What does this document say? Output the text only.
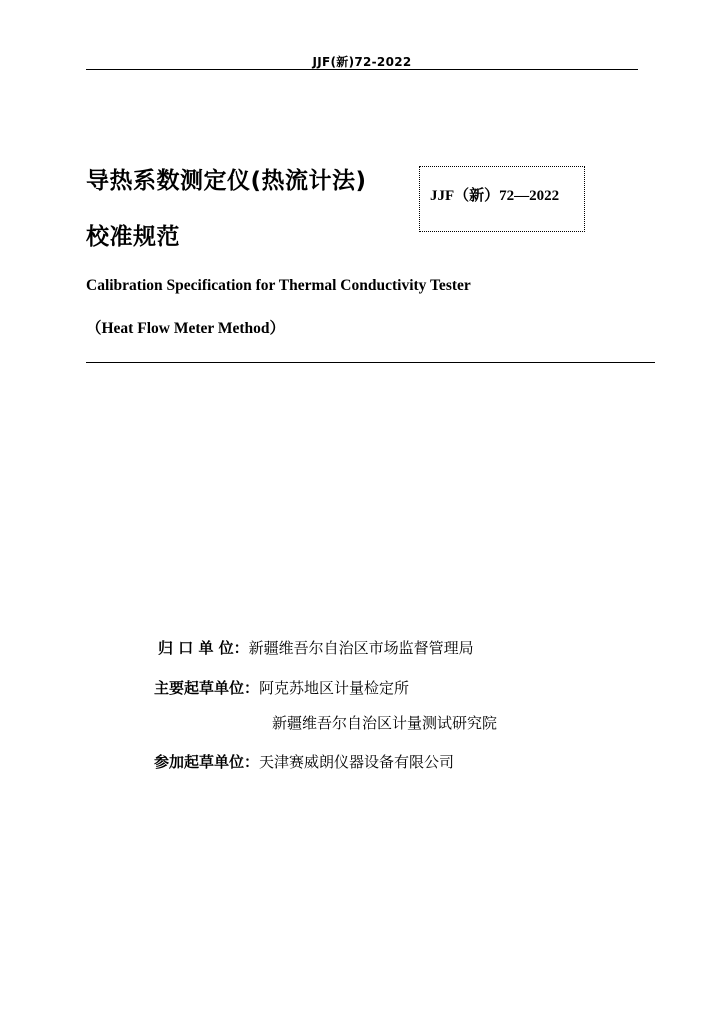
JJF(新)72-2022
导热系数测定仪(热流计法)
校准规范
JJF（新）72—2022
Calibration Specification for Thermal Conductivity Tester
（Heat Flow Meter Method）
归 口 单 位：新疆维吾尔自治区市场监督管理局
主要起草单位：阿克苏地区计量检定所
新疆维吾尔自治区计量测试研究院
参加起草单位：天津赛威朗仪器设备有限公司
